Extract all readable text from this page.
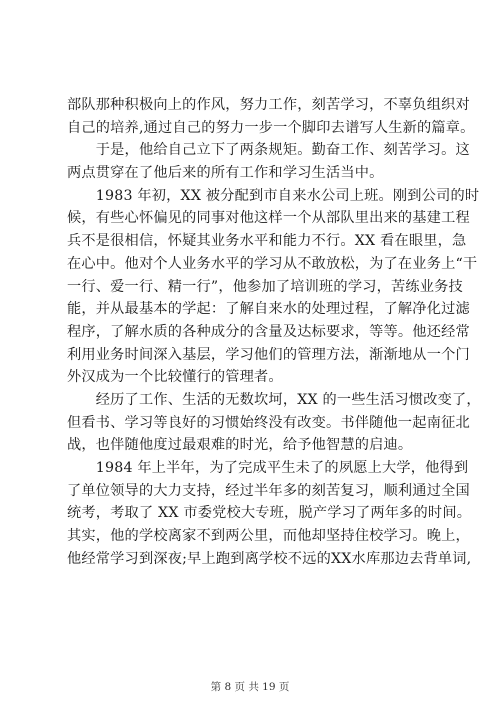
部队那种积极向上的作风，努力工作，刻苦学习，不辜负组织对
自己的培养,通过自己的努力一步一个脚印去谱写人生新的篇章。
　　于是，他给自己立下了两条规矩。勤奋工作、刻苦学习。这
两点贯穿在了他后来的所有工作和学习生活当中。
　　1983 年初，XX 被分配到市自来水公司上班。刚到公司的时
候，有些心怀偏见的同事对他这样一个从部队里出来的基建工程
兵不是很相信，怀疑其业务水平和能力不行。XX 看在眼里，急
在心中。他对个人业务水平的学习从不敢放松，为了在业务上“干
一行、爱一行、精一行”，他参加了培训班的学习，苦练业务技
能，并从最基本的学起：了解自来水的处理过程，了解净化过滤
程序，了解水质的各种成分的含量及达标要求，等等。他还经常
利用业务时间深入基层，学习他们的管理方法，渐渐地从一个门
外汉成为一个比较懂行的管理者。
　　经历了工作、生活的无数坎坷，XX 的一些生活习惯改变了，
但看书、学习等良好的习惯始终没有改变。书伴随他一起南征北
战，也伴随他度过最艰难的时光，给予他智慧的启迪。
　　1984 年上半年，为了完成平生未了的夙愿上大学，他得到
了单位领导的大力支持，经过半年多的刻苦复习，顺利通过全国
统考，考取了 XX 市委党校大专班，脱产学习了两年多的时间。
其实，他的学校离家不到两公里，而他却坚持住校学习。晚上，
他经常学习到深夜;早上跑到离学校不远的XX水库那边去背单词,
第 8 页 共 19 页
